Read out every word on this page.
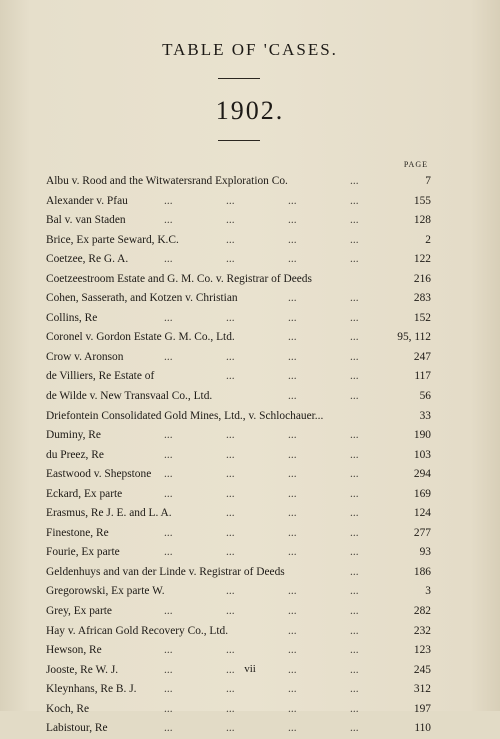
TABLE OF 'CASES.
1902.
PAGE
Albu v. Rood and the Witwatersrand Exploration Co.	...	7
Alexander v. Pfau	...	...	...	...	155
Bal v. van Staden	...	...	...	...	128
Brice, Ex parte Seward, K.C.	...	...	...	2
Coetzee, Re G. A.	...	...	...	...	122
Coetzeestroom Estate and G. M. Co. v. Registrar of Deeds	216
Cohen, Sasserath, and Kotzen v. Christian	...	...	283
Collins, Re	...	...	...	...	152
Coronel v. Gordon Estate G. M. Co., Ltd.	...	...	95, 112
Crow v. Aronson	...	...	...	...	247
de Villiers, Re Estate of	...	...	...	117
de Wilde v. New Transvaal Co., Ltd.	...	...	56
Driefontein Consolidated Gold Mines, Ltd., v. Schlochauer...	33
Duminy, Re	...	...	...	...	190
du Preez, Re	...	...	...	...	103
Eastwood v. Shepstone ...	...	...	...	294
Eckard, Ex parte	...	...	...	...	169
Erasmus, Re J. E. and L. A.	...	...	...	124
Finestone, Re	...	...	...	...	277
Fourie, Ex parte	...	...	...	...	93
Geldenhuys and van der Linde v. Registrar of Deeds	...	186
Gregorowski, Ex parte W.	...	...	...	3
Grey, Ex parte	...	...	...	...	282
Hay v. African Gold Recovery Co., Ltd.	...	...	232
Hewson, Re	...	...	...	...	123
Jooste, Re W. J.	...	...	...	...	245
Kleynhans, Re B. J. ...	...	...	...	312
Koch, Re	...	...	...	...	197
Labistour, Re	...	...	...	...	110
vii
